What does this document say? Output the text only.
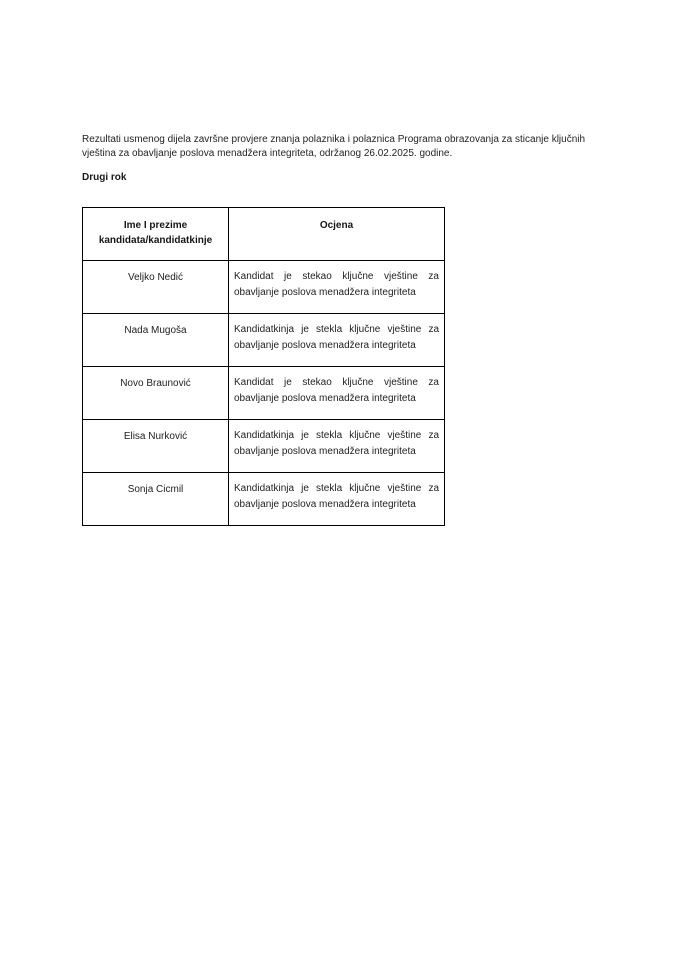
Rezultati usmenog dijela završne provjere znanja polaznika i polaznica Programa obrazovanja za sticanje ključnih vještina za obavljanje poslova menadžera integriteta, održanog 26.02.2025. godine.

Drugi rok

Ime I prezime kandidata/kandidatkinje	Ocjena
Veljko Nedić	Kandidat je stekao ključne vještine za obavljanje poslova menadžera integriteta
Nada Mugoša	Kandidatkinja je stekla ključne vještine za obavljanje poslova menadžera integriteta
Novo Braunović	Kandidat je stekao ključne vještine za obavljanje poslova menadžera integriteta
Elisa Nurković	Kandidatkinja je stekla ključne vještine za obavljanje poslova menadžera integriteta
Sonja Cicmil	Kandidatkinja je stekla ključne vještine za obavljanje poslova menadžera integriteta
